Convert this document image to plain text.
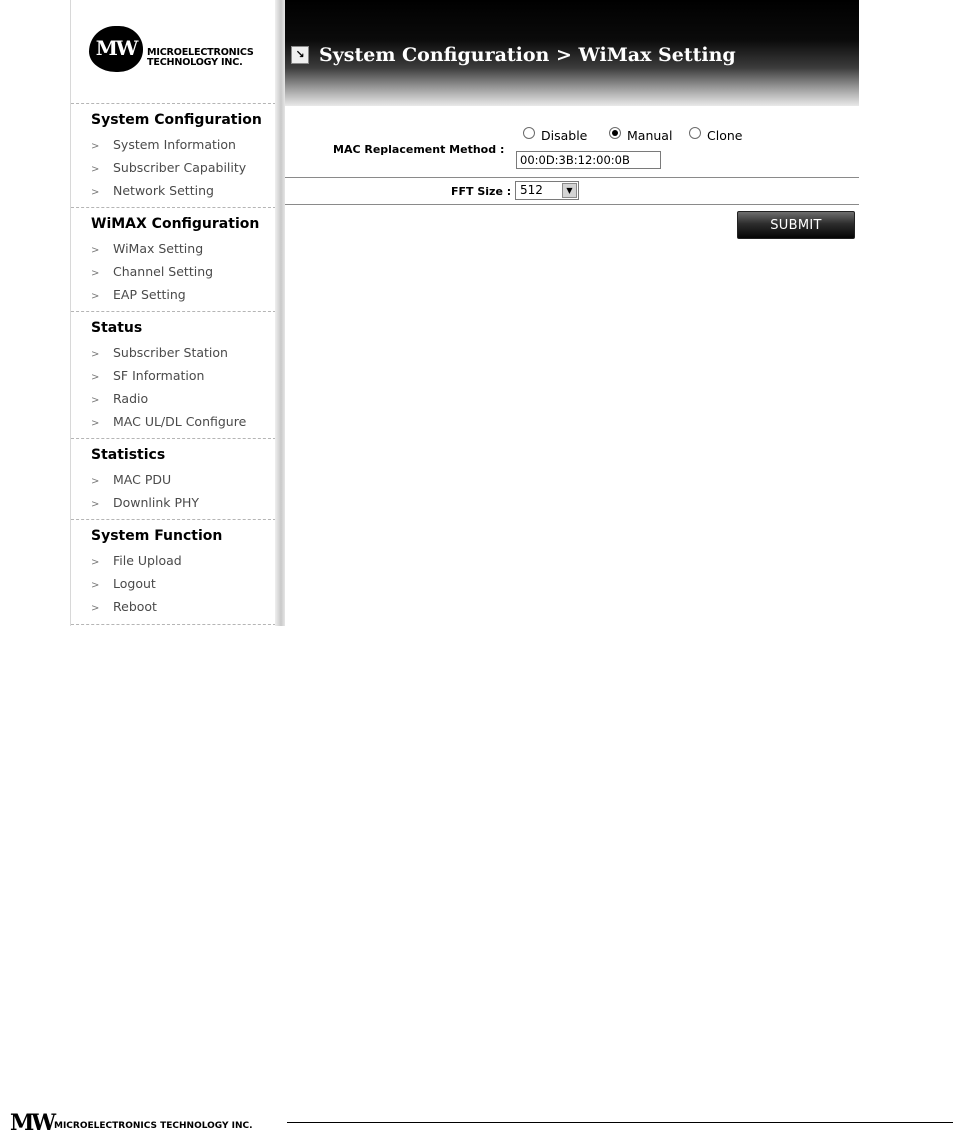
MW	MICROELECTRONICS
TECHNOLOGY INC.
System Configuration
> System Information
> Subscriber Capability
> Network Setting
WiMAX Configuration
> WiMax Setting
> Channel Setting
> EAP Setting
Status
> Subscriber Station
> SF Information
> Radio
> MAC UL/DL Configure
Statistics
> MAC PDU
> Downlink PHY
System Function
> File Upload
> Logout
> Reboot
↘ System Configuration > WiMax Setting
MAC Replacement Method :
Disable	Manual	Clone
00:0D:3B:12:00:0B
FFT Size : 512	▼
SUBMIT
MW MICROELECTRONICS TECHNOLOGY INC.
